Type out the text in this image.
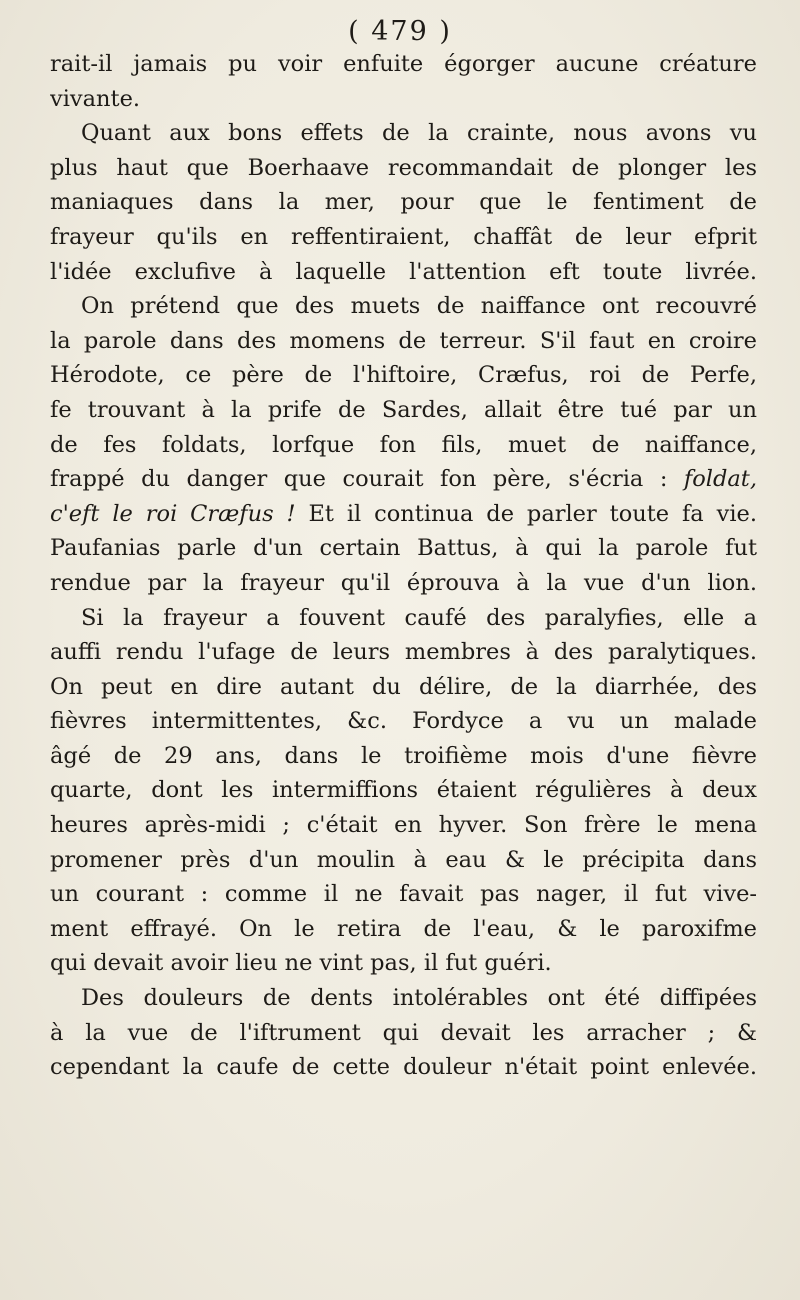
( 479 )
rait-il jamais pu voir enfuite égorger aucune créature
vivante.
Quant aux bons effets de la crainte, nous avons vu
plus haut que Boerhaave recommandait de plonger les
maniaques dans la mer, pour que le fentiment de
frayeur qu'ils en reffentiraient, chaffât de leur efprit
l'idée exclufive à laquelle l'attention eft toute livrée.
On prétend que des muets de naiffance ont recouvré
la parole dans des momens de terreur. S'il faut en croire
Hérodote, ce père de l'hiftoire, Cræfus, roi de Perfe,
fe trouvant à la prife de Sardes, allait être tué par un
de fes foldats, lorfque fon fils, muet de naiffance,
frappé du danger que courait fon père, s'écria : foldat,
c'eft le roi Cræfus ! Et il continua de parler toute fa vie.
Paufanias parle d'un certain Battus, à qui la parole fut
rendue par la frayeur qu'il éprouva à la vue d'un lion.
Si la frayeur a fouvent caufé des paralyfies, elle a
auffi rendu l'ufage de leurs membres à des paralytiques.
On peut en dire autant du délire, de la diarrhée, des
fièvres intermittentes, &c. Fordyce a vu un malade
âgé de 29 ans, dans le troifième mois d'une fièvre
quarte, dont les intermiffions étaient régulières à deux
heures après-midi ; c'était en hyver. Son frère le mena
promener près d'un moulin à eau & le précipita dans
un courant : comme il ne favait pas nager, il fut vive-
ment effrayé. On le retira de l'eau, & le paroxifme
qui devait avoir lieu ne vint pas, il fut guéri.
Des douleurs de dents intolérables ont été diffipées
à la vue de l'iftrument qui devait les arracher ; &
cependant la caufe de cette douleur n'était point enlevée.
